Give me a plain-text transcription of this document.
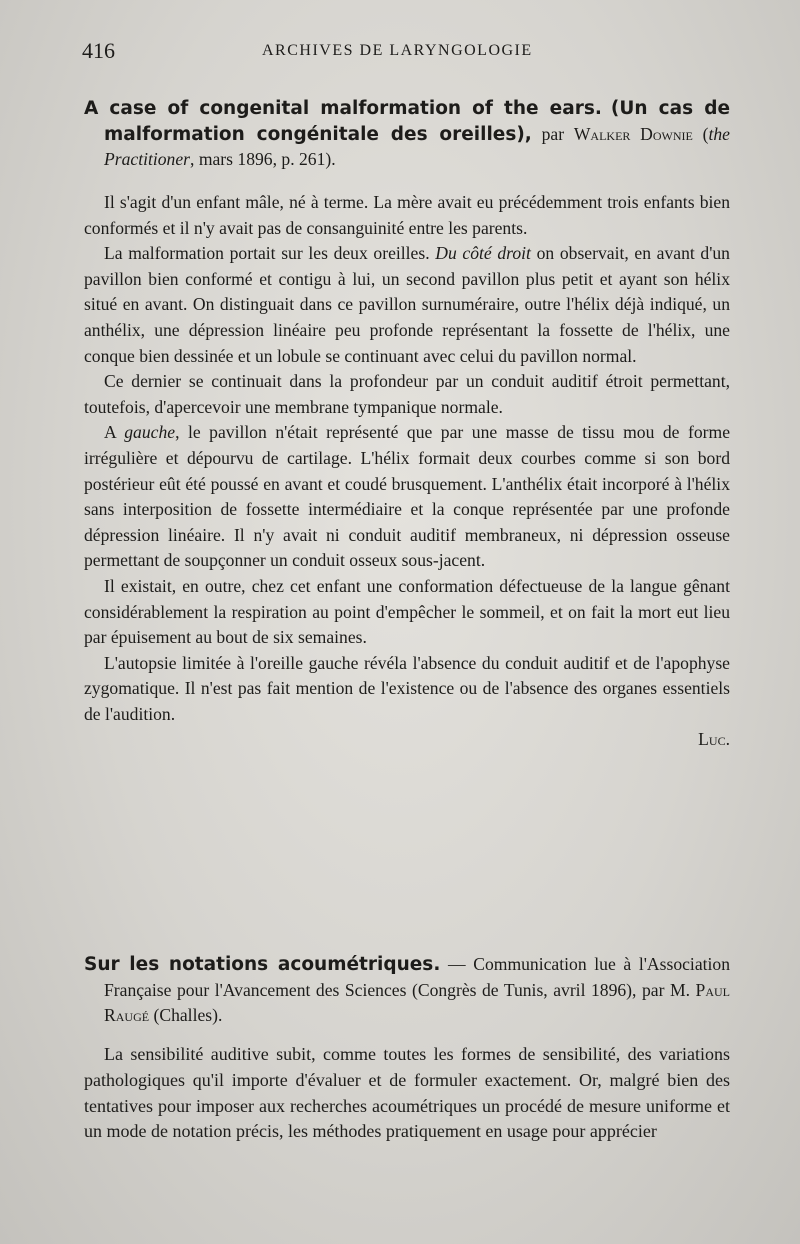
416	ARCHIVES DE LARYNGOLOGIE

A case of congenital malformation of the ears. (Un cas de malformation congénitale des oreilles), par Walker Downie (the Practitioner, mars 1896, p. 261).

Il s'agit d'un enfant mâle, né à terme. La mère avait eu précédemment trois enfants bien conformés et il n'y avait pas de consanguinité entre les parents.

La malformation portait sur les deux oreilles. Du côté droit on observait, en avant d'un pavillon bien conformé et contigu à lui, un second pavillon plus petit et ayant son hélix situé en avant. On distinguait dans ce pavillon surnuméraire, outre l'hélix déjà indiqué, un anthélix, une dépression linéaire peu profonde représentant la fossette de l'hélix, une conque bien dessinée et un lobule se continuant avec celui du pavillon normal.

Ce dernier se continuait dans la profondeur par un conduit auditif étroit permettant, toutefois, d'apercevoir une membrane tympanique normale.

A gauche, le pavillon n'était représenté que par une masse de tissu mou de forme irrégulière et dépourvu de cartilage. L'hélix formait deux courbes comme si son bord postérieur eût été poussé en avant et coudé brusquement. L'anthélix était incorporé à l'hélix sans interposition de fossette intermédiaire et la conque représentée par une profonde dépression linéaire. Il n'y avait ni conduit auditif membraneux, ni dépression osseuse permettant de soupçonner un conduit osseux sous-jacent.

Il existait, en outre, chez cet enfant une conformation défectueuse de la langue gênant considérablement la respiration au point d'empêcher le sommeil, et on fait la mort eut lieu par épuisement au bout de six semaines.

L'autopsie limitée à l'oreille gauche révéla l'absence du conduit auditif et de l'apophyse zygomatique. Il n'est pas fait mention de l'existence ou de l'absence des organes essentiels de l'audition.

Luc.

Sur les notations acoumétriques. — Communication lue à l'Association Française pour l'Avancement des Sciences (Congrès de Tunis, avril 1896), par M. Paul Raugé (Challes).

La sensibilité auditive subit, comme toutes les formes de sensibilité, des variations pathologiques qu'il importe d'évaluer et de formuler exactement. Or, malgré bien des tentatives pour imposer aux recherches acoumétriques un procédé de mesure uniforme et un mode de notation précis, les méthodes pratiquement en usage pour apprécier
